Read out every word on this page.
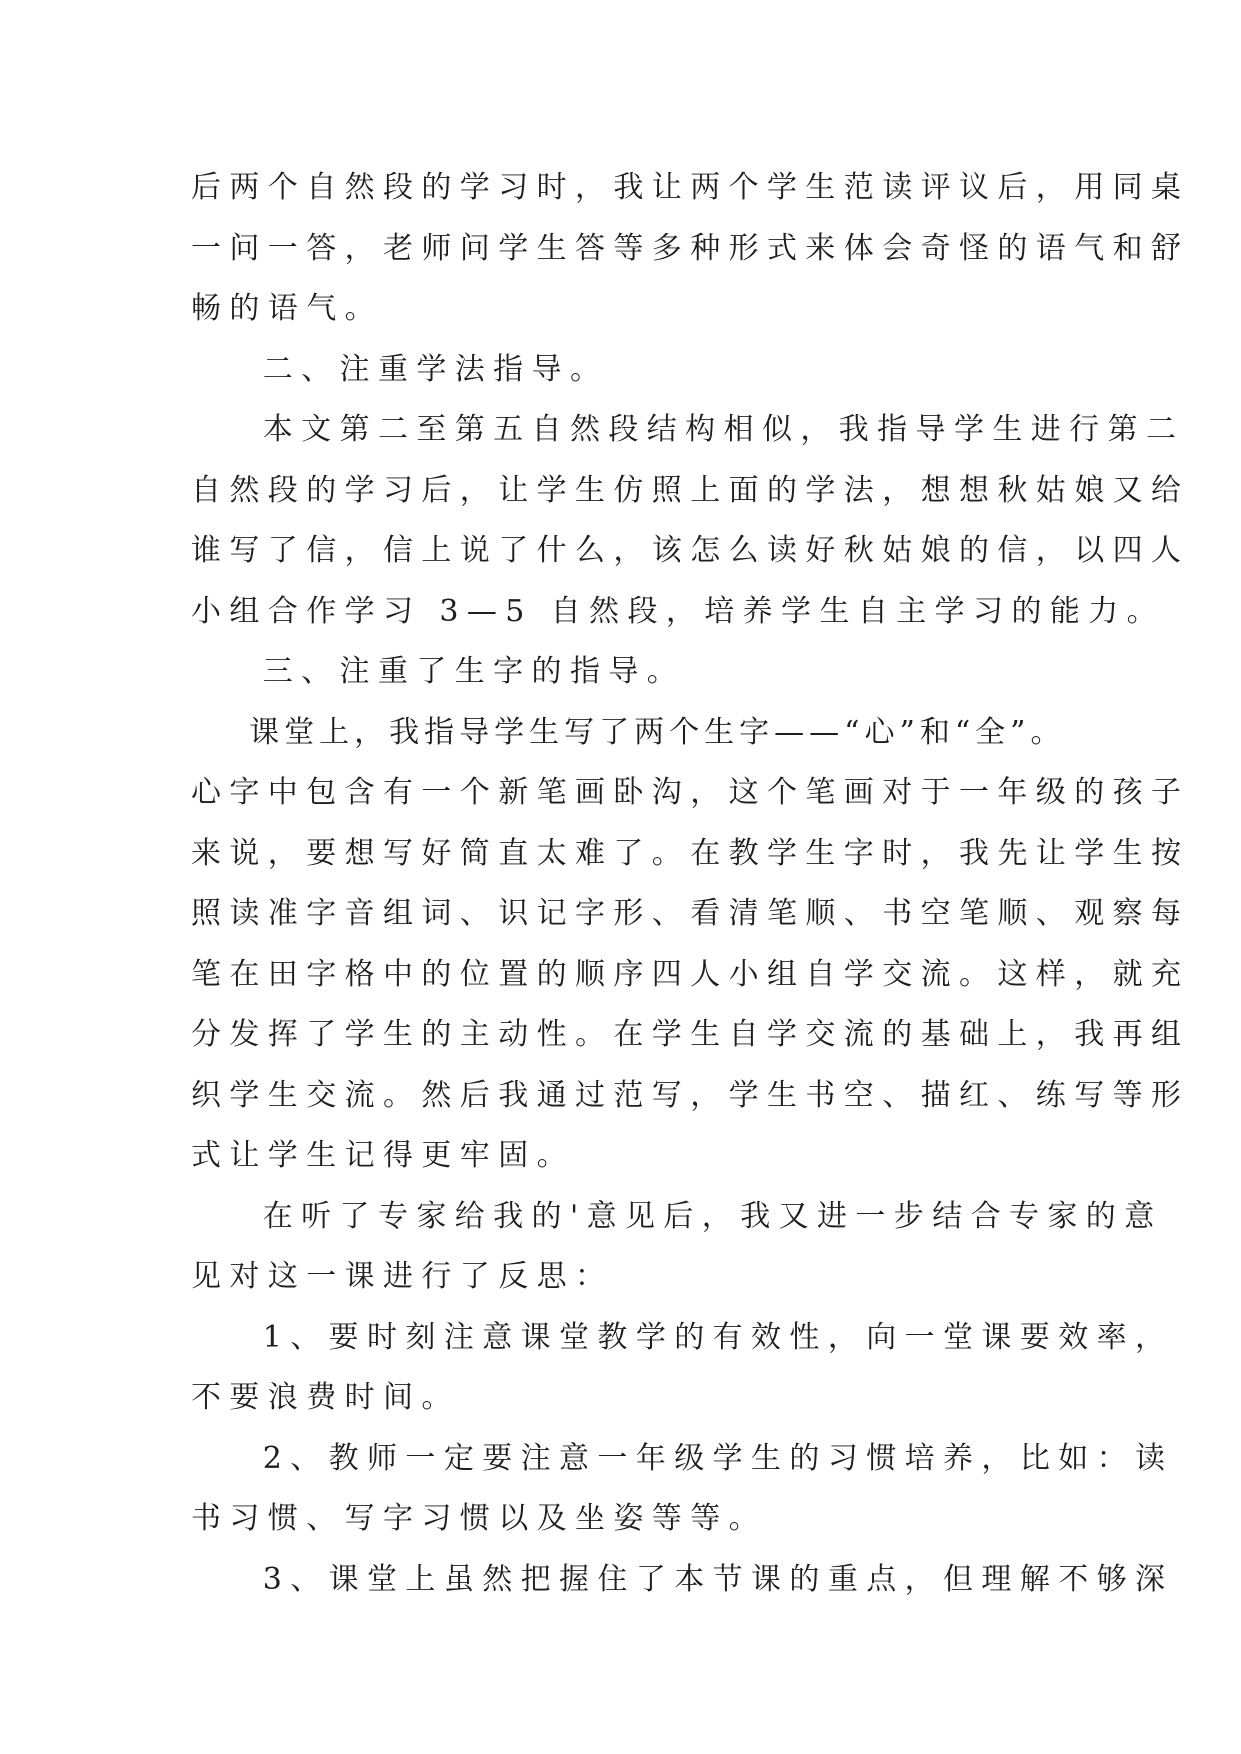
后两个自然段的学习时，我让两个学生范读评议后，用同桌
一问一答，老师问学生答等多种形式来体会奇怪的语气和舒
畅的语气。
二、注重学法指导。
本文第二至第五自然段结构相似，我指导学生进行第二
自然段的学习后，让学生仿照上面的学法，想想秋姑娘又给
谁写了信，信上说了什么，该怎么读好秋姑娘的信，以四人
小组合作学习 3—5 自然段，培养学生自主学习的能力。
三、注重了生字的指导。
课堂上，我指导学生写了两个生字——“心”和“全”。
心字中包含有一个新笔画卧沟，这个笔画对于一年级的孩子
来说，要想写好简直太难了。在教学生字时，我先让学生按
照读准字音组词、识记字形、看清笔顺、书空笔顺、观察每
笔在田字格中的位置的顺序四人小组自学交流。这样，就充
分发挥了学生的主动性。在学生自学交流的基础上，我再组
织学生交流。然后我通过范写，学生书空、描红、练写等形
式让学生记得更牢固。
在听了专家给我的'意见后，我又进一步结合专家的意
见对这一课进行了反思：
1、要时刻注意课堂教学的有效性，向一堂课要效率，
不要浪费时间。
2、教师一定要注意一年级学生的习惯培养，比如：读
书习惯、写字习惯以及坐姿等等。
3、课堂上虽然把握住了本节课的重点，但理解不够深
